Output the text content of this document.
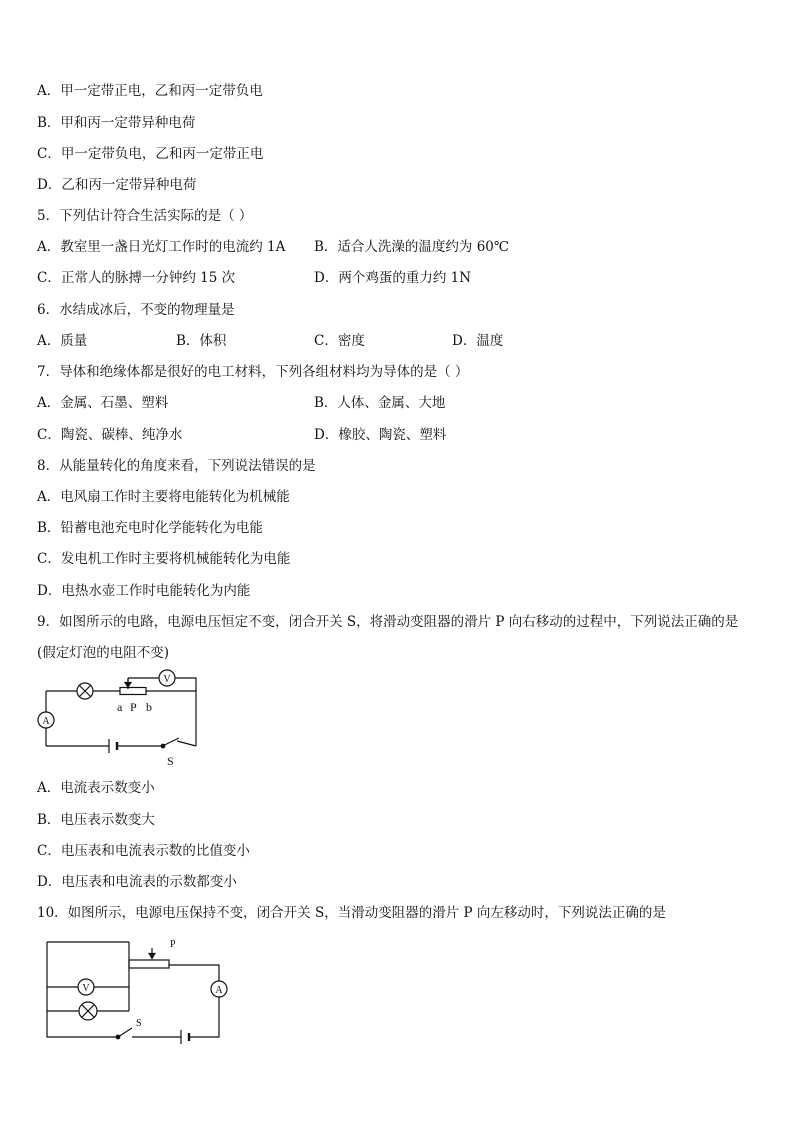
A．甲一定带正电，乙和丙一定带负电
B．甲和丙一定带异种电荷
C．甲一定带负电，乙和丙一定带正电
D．乙和丙一定带异种电荷
5．下列估计符合生活实际的是（ ）
A．教室里一盏日光灯工作时的电流约 1A B．适合人洗澡的温度约为 60℃
C．正常人的脉搏一分钟约 15 次	D．两个鸡蛋的重力约 1N
6．水结成冰后，不变的物理量是
A．质量	B．体积	C．密度	D．温度
7．导体和绝缘体都是很好的电工材料，下列各组材料均为导体的是（ ）
A．金属、石墨、塑料	B．人体、金属、大地
C．陶瓷、碳棒、纯净水	D．橡胶、陶瓷、塑料
8．从能量转化的角度来看，下列说法错误的是
A．电风扇工作时主要将电能转化为机械能
B．铅蓄电池充电时化学能转化为电能
C．发电机工作时主要将机械能转化为电能
D．电热水壶工作时电能转化为内能
9．如图所示的电路，电源电压恒定不变，闭合开关 S，将滑动变阻器的滑片 P 向右移动的过程中，下列说法正确的是
(假定灯泡的电阻不变)
V
A
a P b
S
A．电流表示数变小
B．电压表示数变大
C．电压表和电流表示数的比值变小
D．电压表和电流表的示数都变小
10．如图所示，电源电压保持不变，闭合开关 S，当滑动变阻器的滑片 P 向左移动时，下列说法正确的是
V	A
P
S
